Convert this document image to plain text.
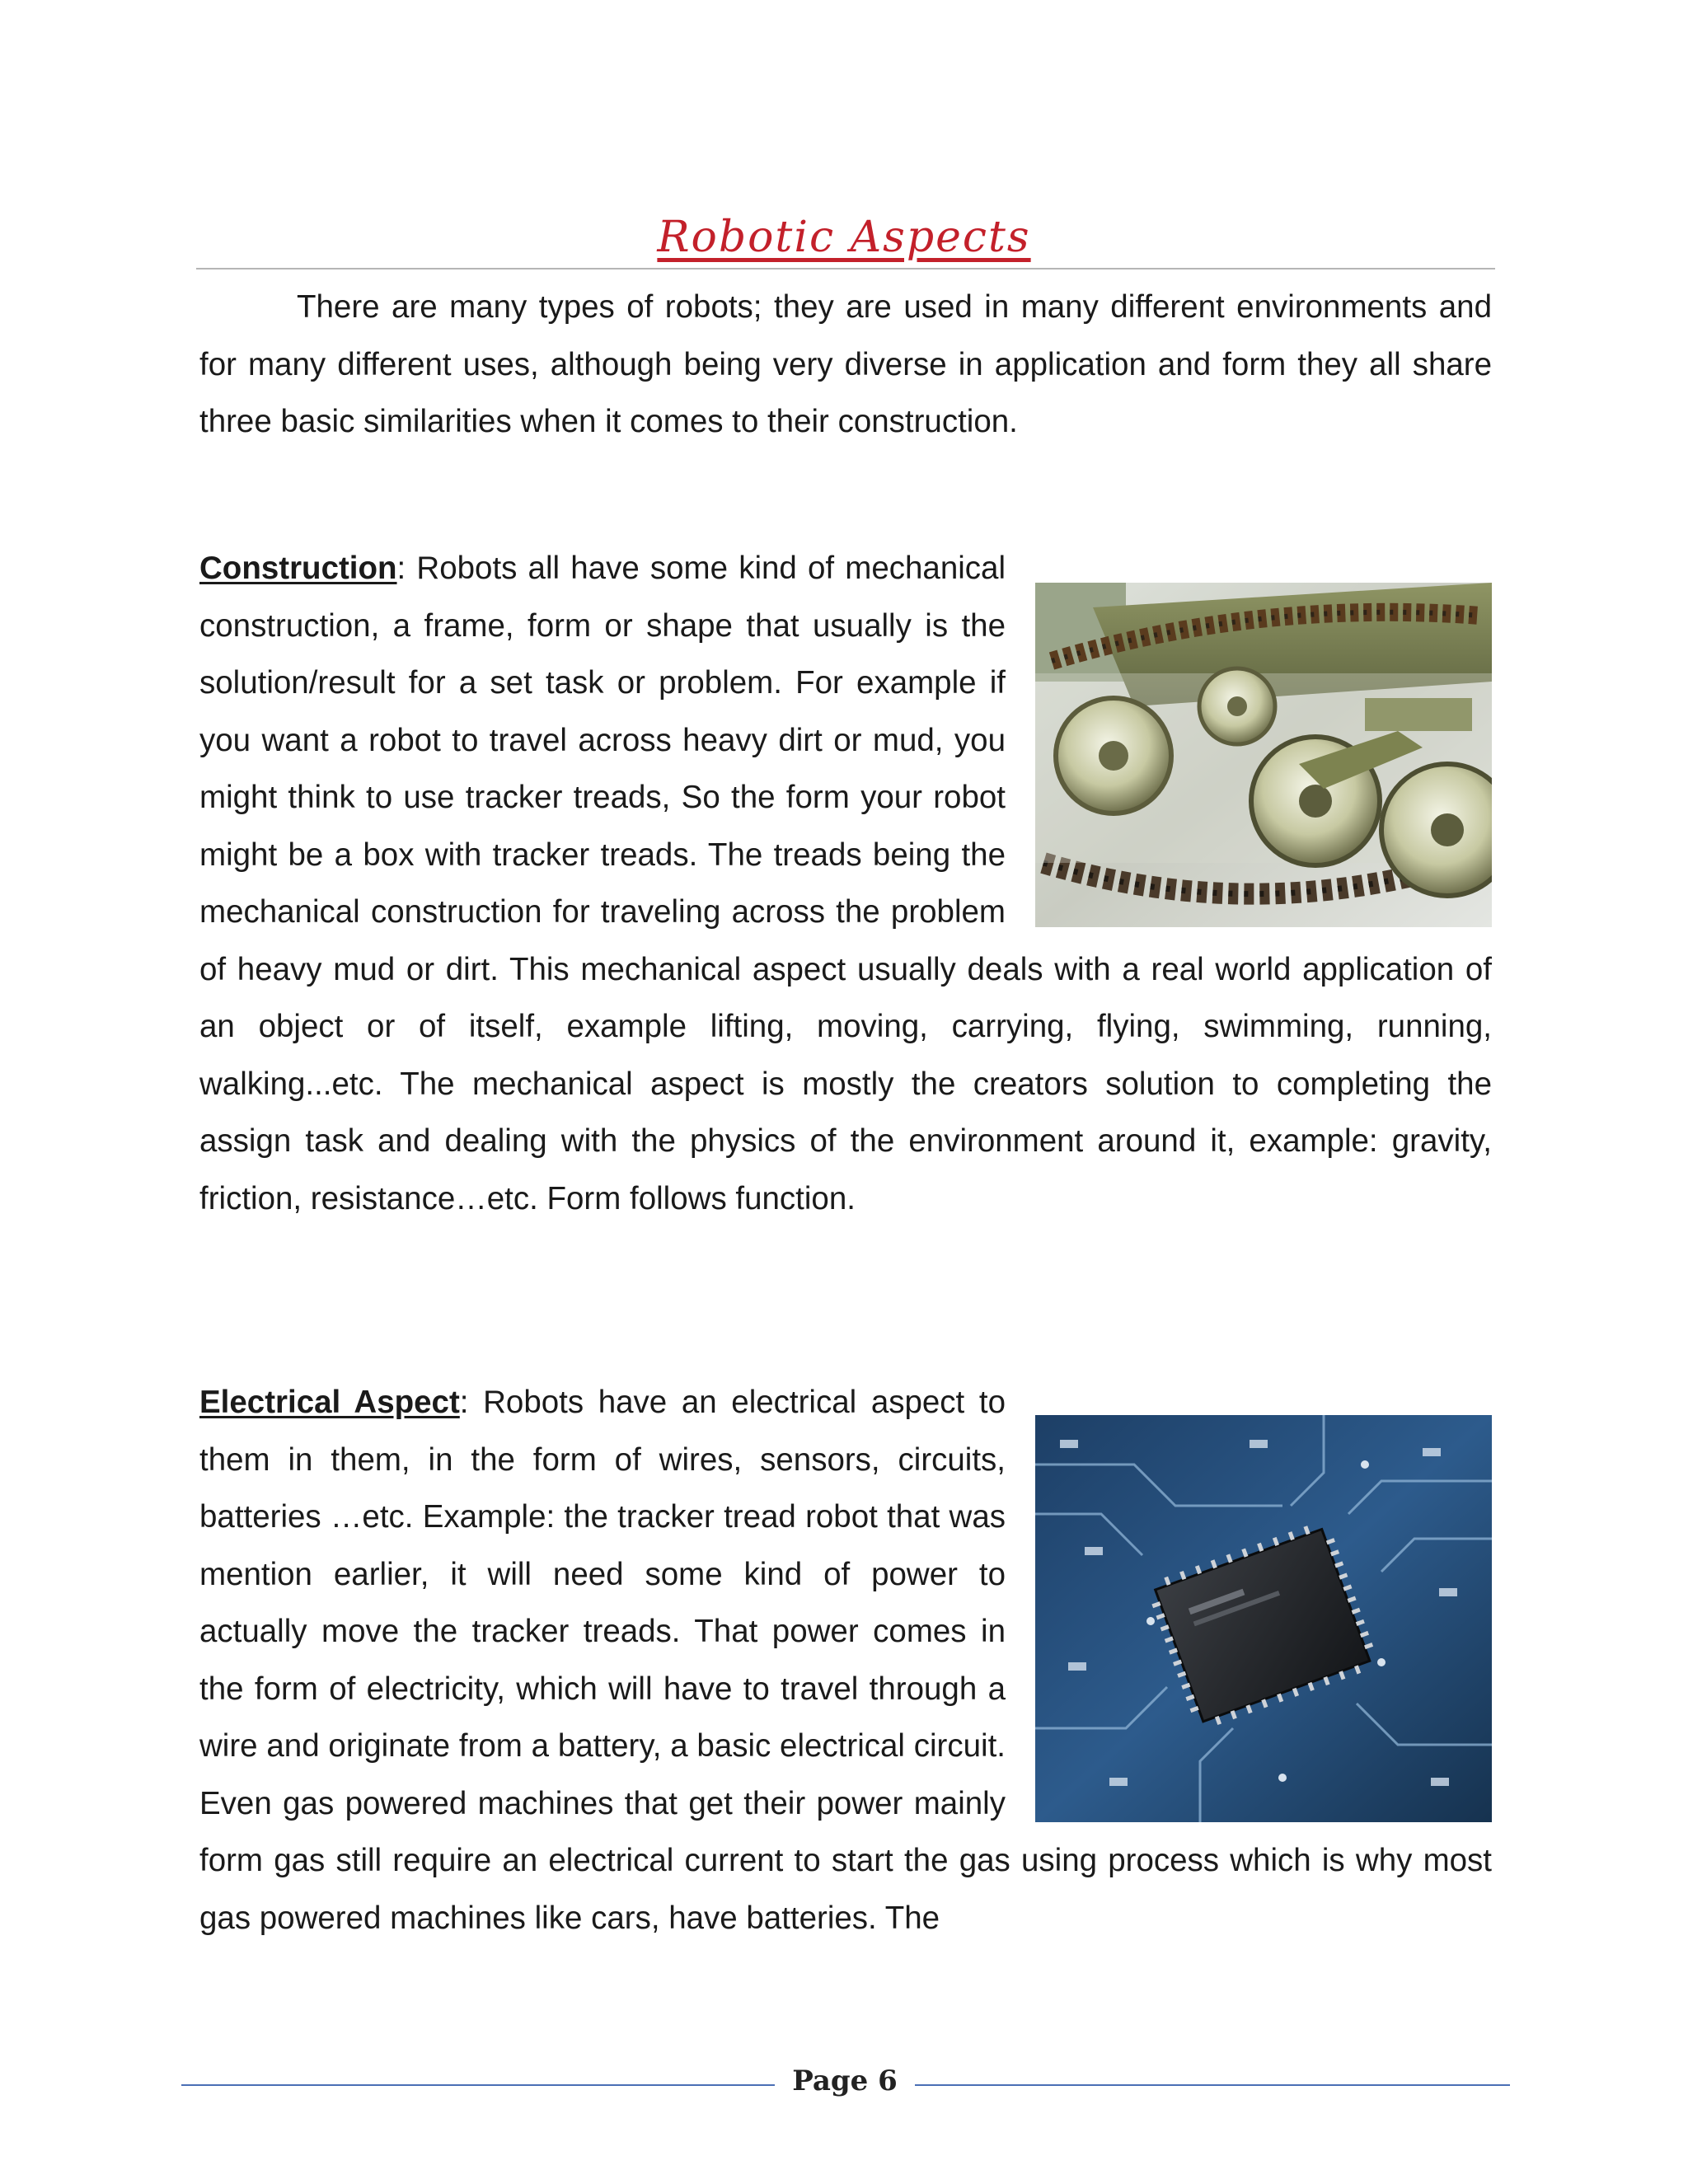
Robotic Aspects

There are many types of robots; they are used in many different environments and for many different uses, although being very diverse in application and form they all share three basic similarities when it comes to their construction.

Construction: Robots all have some kind of mechanical construction, a frame, form or shape that usually is the solution/result for a set task or problem. For example if you want a robot to travel across heavy dirt or mud, you might think to use tracker treads, So the form your robot might be a box with tracker treads. The treads being the mechanical construction for traveling across the problem of heavy mud or dirt. This mechanical aspect usually deals with a real world application of an object or of itself, example lifting, moving, carrying, flying, swimming, running, walking...etc. The mechanical aspect is mostly the creators solution to completing the assign task and dealing with the physics of the environment around it, example: gravity, friction, resistance…etc. Form follows function.

Electrical Aspect: Robots have an electrical aspect to them in them, in the form of wires, sensors, circuits, batteries …etc. Example: the tracker tread robot that was mention earlier, it will need some kind of power to actually move the tracker treads. That power comes in the form of electricity, which will have to travel through a wire and originate from a battery, a basic electrical circuit. Even gas powered machines that get their power mainly form gas still require an electrical current to start the gas using process which is why most gas powered machines like cars, have batteries. The

Page 6
